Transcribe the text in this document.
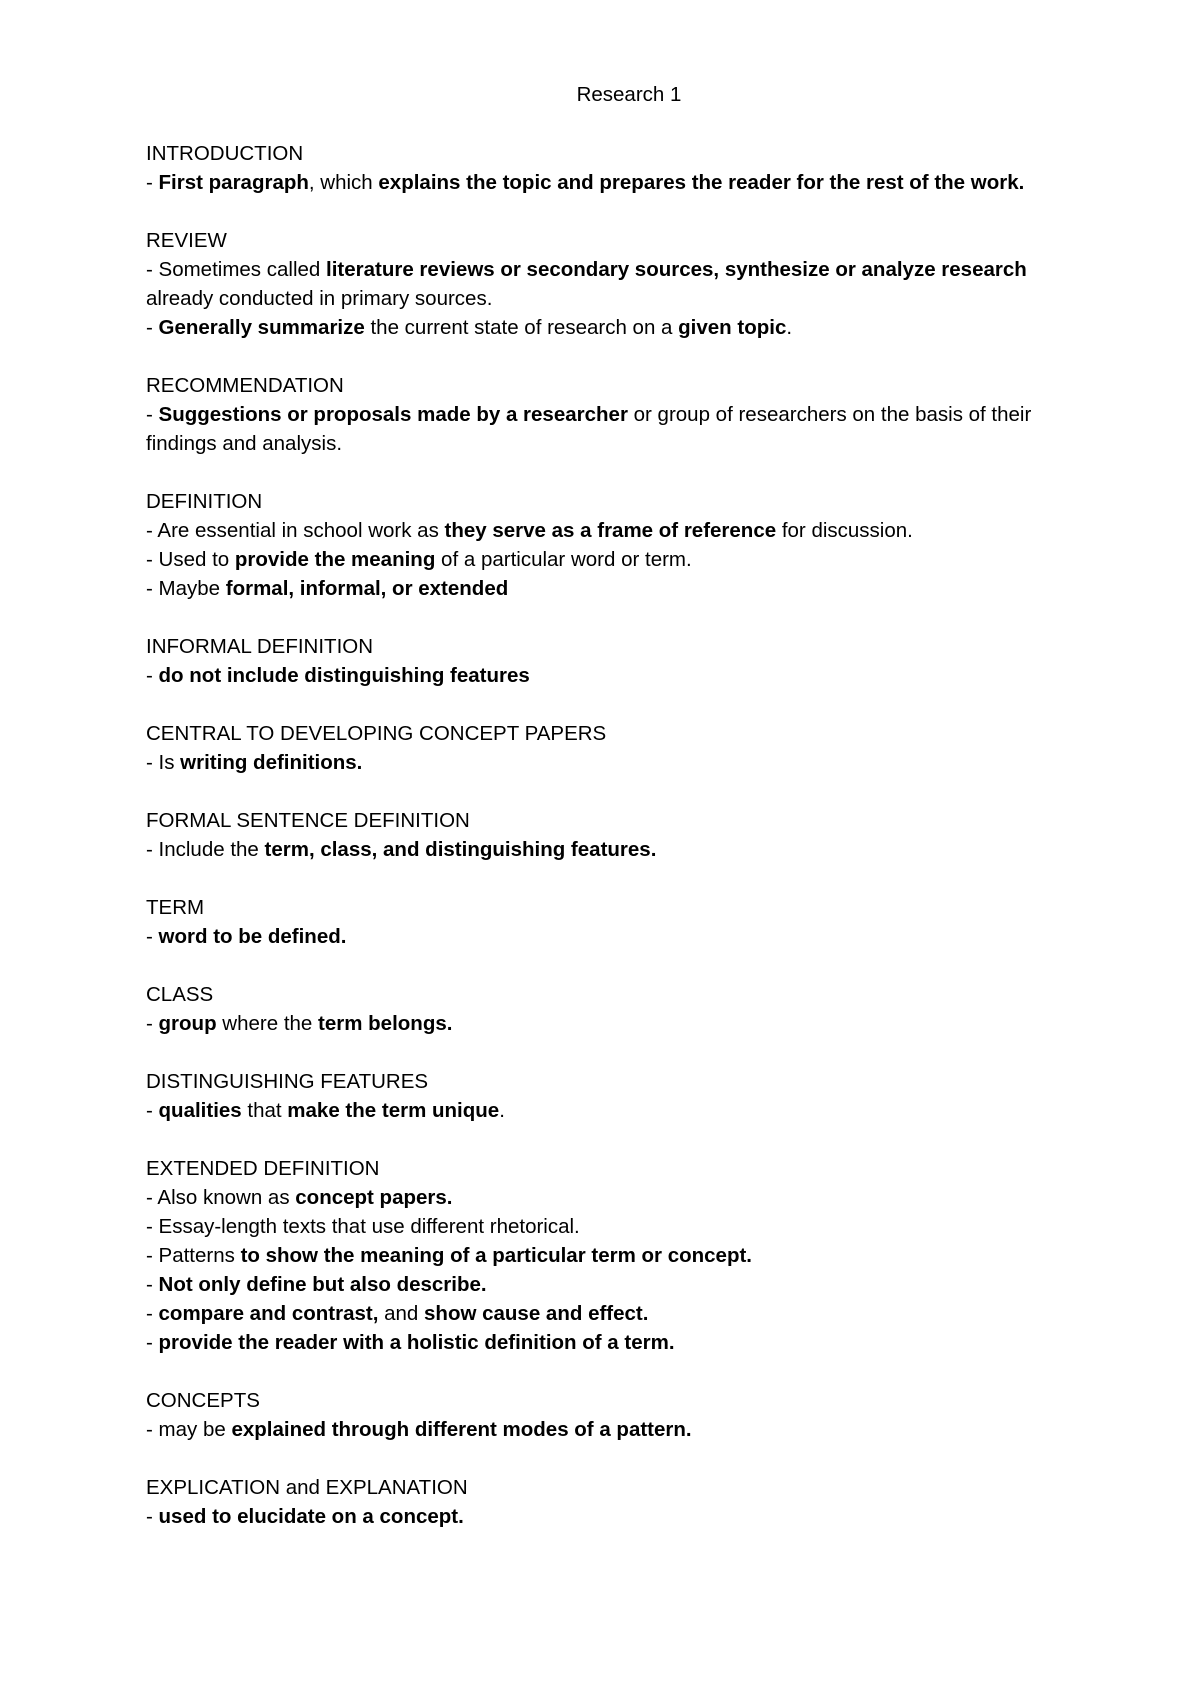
Research 1
INTRODUCTION
- First paragraph, which explains the topic and prepares the reader for the rest of the work.
REVIEW
- Sometimes called literature reviews or secondary sources, synthesize or analyze research already conducted in primary sources.
- Generally summarize the current state of research on a given topic.
RECOMMENDATION
- Suggestions or proposals made by a researcher or group of researchers on the basis of their findings and analysis.
DEFINITION
- Are essential in school work as they serve as a frame of reference for discussion.
- Used to provide the meaning of a particular word or term.
- Maybe formal, informal, or extended
INFORMAL DEFINITION
- do not include distinguishing features
CENTRAL TO DEVELOPING CONCEPT PAPERS
- Is writing definitions.
FORMAL SENTENCE DEFINITION
- Include the term, class, and distinguishing features.
TERM
- word to be defined.
CLASS
- group where the term belongs.
DISTINGUISHING FEATURES
- qualities that make the term unique.
EXTENDED DEFINITION
- Also known as concept papers.
- Essay-length texts that use different rhetorical.
- Patterns to show the meaning of a particular term or concept.
- Not only define but also describe.
- compare and contrast, and show cause and effect.
- provide the reader with a holistic definition of a term.
CONCEPTS
- may be explained through different modes of a pattern.
EXPLICATION and EXPLANATION
- used to elucidate on a concept.
